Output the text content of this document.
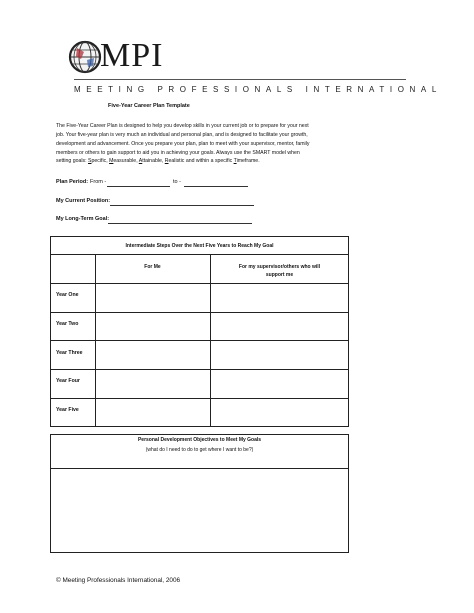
MPI
MEETING PROFESSIONALS INTERNATIONAL
Five-Year Career Plan Template

The Five-Year Career Plan is designed to help you develop skills in your current job or to prepare for your next

job. Your five-year plan is very much an individual and personal plan, and is designed to facilitate your growth,

development and advancement. Once you prepare your plan, plan to meet with your supervisor, mentor, family

members or others to gain support to aid you in achieving your goals. Always use the SMART model when

setting goals: Specific, Measurable, Attainable, Realistic and within a specific Timeframe.
Plan Period: From -	to -
My Current Position:
My Long-Term Goal:
Intermediate Steps Over the Next Five Years to Reach My Goal
For Me	For my supervisor/others who will
support me
Year One
Year Two
Year Three
Year Four
Year Five
Personal Development Objectives to Meet My Goals
(what do I need to do to get where I want to be?)
© Meeting Professionals International, 2006
